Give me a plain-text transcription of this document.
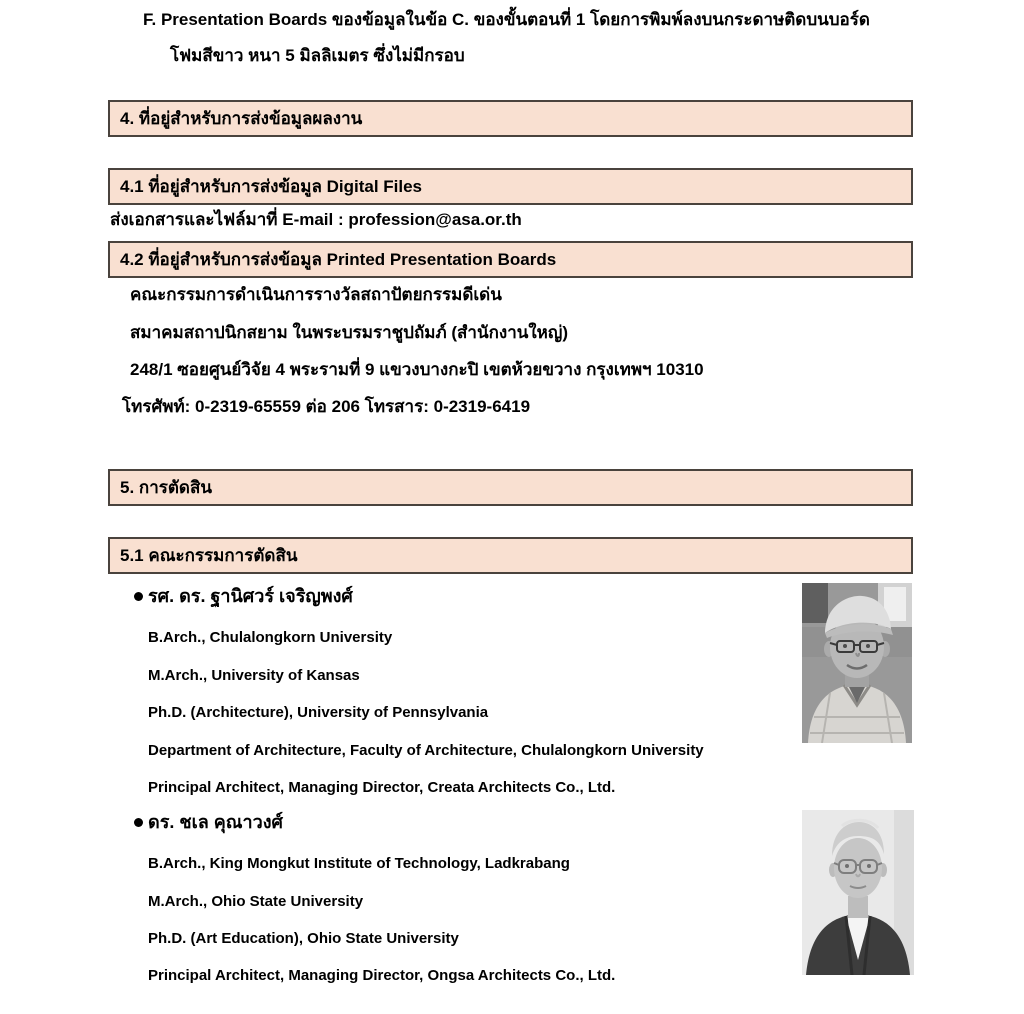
F. Presentation Boards ของข้อมูลในข้อ C. ของขั้นตอนที่ 1 โดยการพิมพ์ลงบนกระดาษติดบนบอร์ด
โฟมสีขาว หนา 5 มิลลิเมตร ซึ่งไม่มีกรอบ
4. ที่อยู่สำหรับการส่งข้อมูลผลงาน
4.1 ที่อยู่สำหรับการส่งข้อมูล Digital Files
ส่งเอกสารและไฟล์มาที่ E-mail : profession@asa.or.th
4.2 ที่อยู่สำหรับการส่งข้อมูล Printed Presentation Boards
คณะกรรมการดำเนินการรางวัลสถาปัตยกรรมดีเด่น
สมาคมสถาปนิกสยาม ในพระบรมราชูปถัมภ์ (สำนักงานใหญ่)
248/1 ซอยศูนย์วิจัย 4 พระรามที่ 9 แขวงบางกะปิ เขตห้วยขวาง กรุงเทพฯ 10310
โทรศัพท์: 0-2319-65559 ต่อ 206 โทรสาร: 0-2319-6419
5. การตัดสิน
5.1 คณะกรรมการตัดสิน
รศ. ดร. ฐานิศวร์ เจริญพงศ์
B.Arch., Chulalongkorn University
M.Arch., University of Kansas
Ph.D. (Architecture), University of Pennsylvania
Department of Architecture, Faculty of Architecture, Chulalongkorn University
Principal Architect, Managing Director, Creata Architects Co., Ltd.
ดร. ชเล คุณาวงศ์
B.Arch., King Mongkut Institute of Technology, Ladkrabang
M.Arch., Ohio State University
Ph.D. (Art Education), Ohio State University
Principal Architect, Managing Director, Ongsa Architects Co., Ltd.
